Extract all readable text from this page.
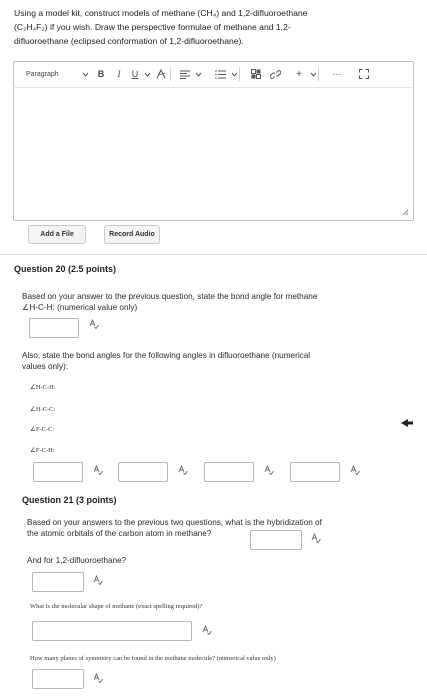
Using a model kit, construct models of methane (CH₄) and 1,2-difluoroethane
(C₂H₄F₂) if you wish. Draw the perspective formulae of methane and 1,2-
difluoroethane (eclipsed conformation of 1,2-difluoroethane).
Paragraph	B	I	U	+	···
Add a File	Record Audio
Question 20 (2.5 points)
Based on your answer to the previous question, state the bond angle for methane
∠H-C-H: (numerical value only)
Also, state the bond angles for the following angles in difluoroethane (numerical
values only):
∠H-C-H:
∠H-C-C:
∠F-C-C:
∠F-C-H:
Question 21 (3 points)
Based on your answers to the previous two questions, what is the hybridization of
the atomic orbitals of the carbon atom in methane?
And for 1,2-difluoroethane?
What is the molecular shape of methane (exact spelling required)?
How many planes of symmetry can be found in the methane molecule? (numerical value only)
